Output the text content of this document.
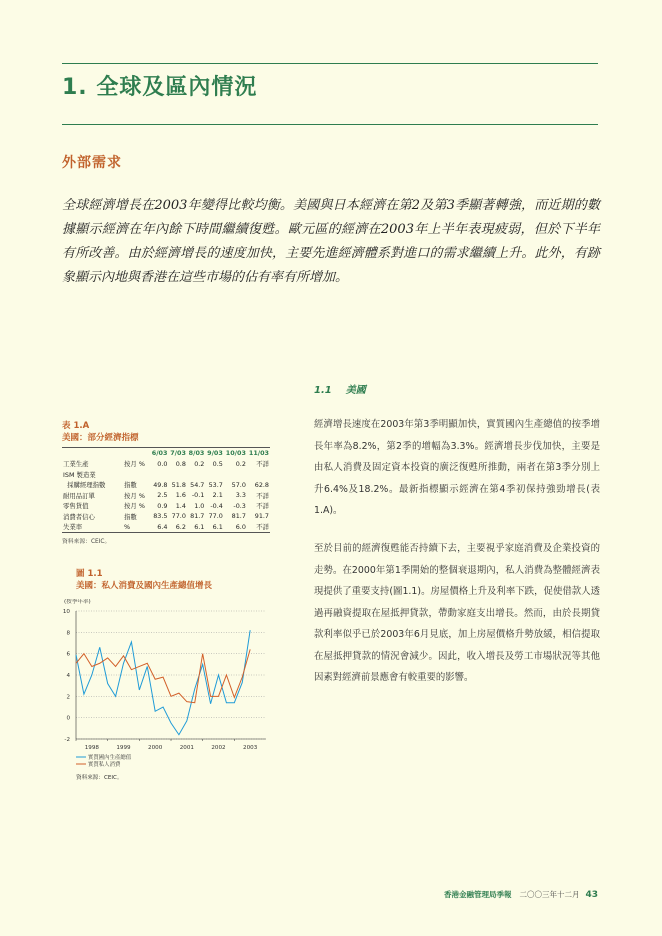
1. 全球及區內情況
外部需求

全球經濟增長在2003年變得比較均衡。美國與日本經濟在第2及第3季顯著轉強，而近期的數據顯示經濟在年內餘下時間繼續復甦。歐元區的經濟在2003年上半年表現疲弱，但於下半年有所改善。由於經濟增長的速度加快，主要先進經濟體系對進口的需求繼續上升。此外，有跡象顯示內地與香港在這些市場的佔有率有所增加。

1.1 美國

經濟增長速度在2003年第3季明顯加快，實質國內生產總值的按季增長年率為8.2%，第2季的增幅為3.3%。經濟增長步伐加快，主要是由私人消費及固定資本投資的廣泛復甦所推動，兩者在第3季分別上升6.4%及18.2%。最新指標顯示經濟在第4季初保持強勁增長(表1.A)。

至於目前的經濟復甦能否持續下去，主要視乎家庭消費及企業投資的走勢。在2000年第1季開始的整個衰退期內，私人消費為整體經濟表現提供了重要支持(圖1.1)。房屋價格上升及利率下跌，促使借款人透過再融資提取在屋抵押貸款，帶動家庭支出增長。然而，由於長期貸款利率似乎已於2003年6月見底，加上房屋價格升勢放緩，相信提取在屋抵押貸款的情況會減少。因此，收入增長及勞工市場狀況等其他因素對經濟前景應會有較重要的影響。

表 1.A
美國：部分經濟指標
		6/03	7/03	8/03	9/03	10/03	11/03
工業生產	按月 %	0.0	0.8	0.2	0.5	0.2	不詳
ISM 製造業							
採購經理指數	指數	49.8	51.8	54.7	53.7	57.0	62.8
耐用品訂單	按月 %	2.5	1.6	-0.1	2.1	3.3	不詳
零售貨值	按月 %	0.9	1.4	1.0	-0.4	-0.3	不詳
消費者信心	指數	83.5	77.0	81.7	77.0	81.7	91.7
失業率	%	6.4	6.2	6.1	6.1	6.0	不詳
資料來源：CEIC。
圖 1.1
美國：私人消費及國內生產總值增長
(按季年率)
-2
0
2
4
6
8
10
1998	1999	2000	2001	2002	2003
實質國內生產總值
實質私人消費
資料來源：CEIC。
香港金融管理局季報 二〇〇三年十二月 43
